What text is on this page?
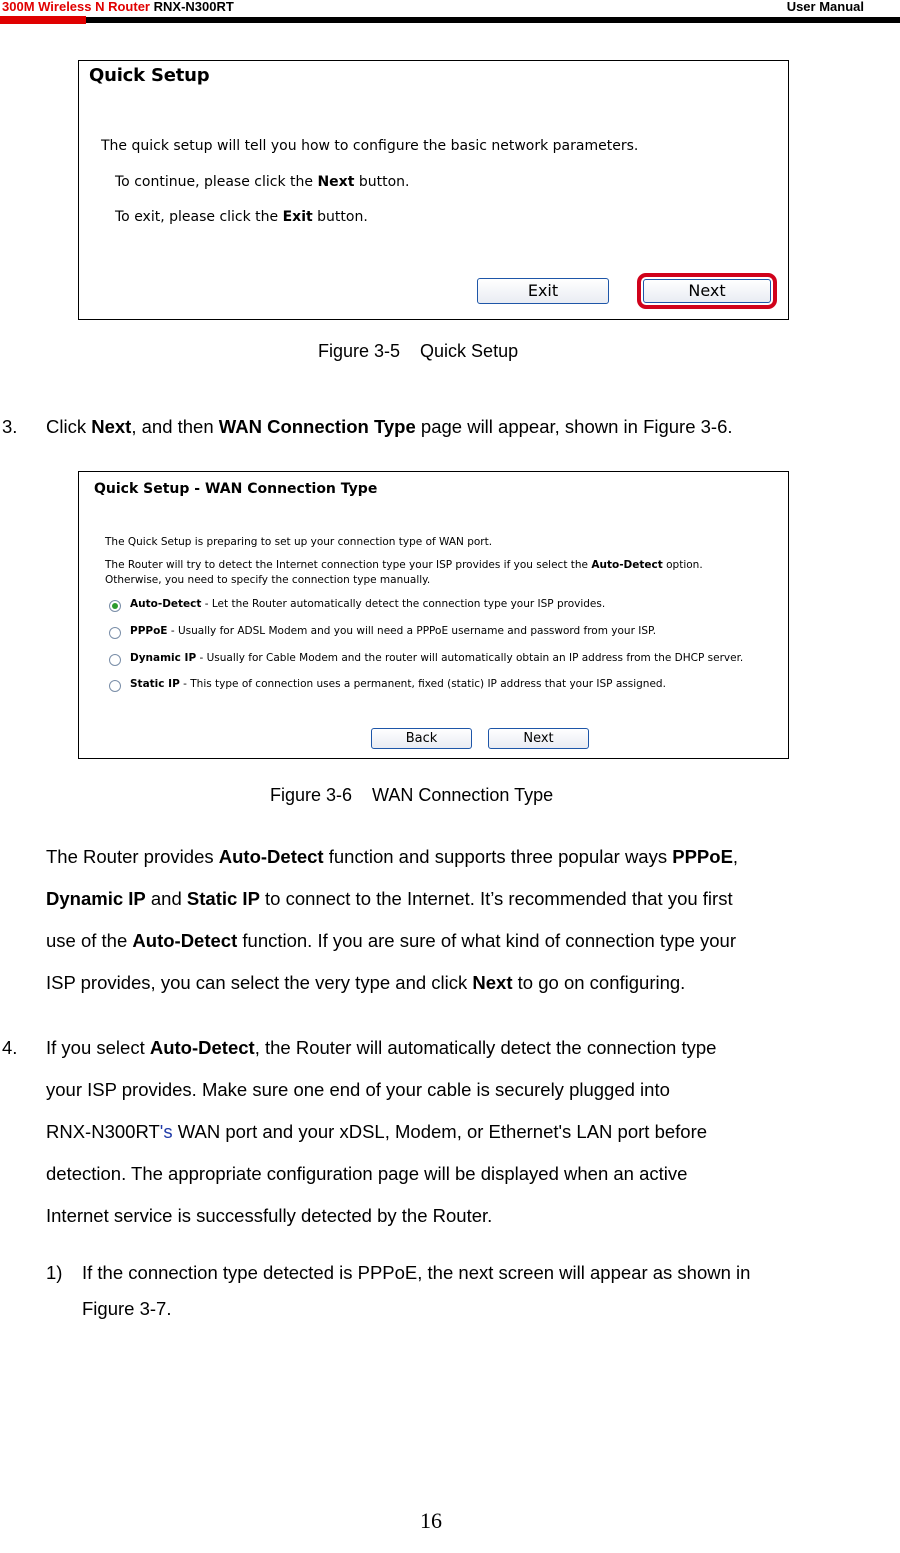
300M Wireless N Router RNX-N300RT	User Manual
Quick Setup
The quick setup will tell you how to configure the basic network parameters.
To continue, please click the Next button.
To exit, please click the Exit button.
Exit	Next
Figure 3-5    Quick Setup
3. Click Next, and then WAN Connection Type page will appear, shown in Figure 3-6.
Quick Setup - WAN Connection Type
The Quick Setup is preparing to set up your connection type of WAN port.
The Router will try to detect the Internet connection type your ISP provides if you select the Auto-Detect option.
Otherwise, you need to specify the connection type manually.
Auto-Detect - Let the Router automatically detect the connection type your ISP provides.
PPPoE - Usually for ADSL Modem and you will need a PPPoE username and password from your ISP.
Dynamic IP - Usually for Cable Modem and the router will automatically obtain an IP address from the DHCP server.
Static IP - This type of connection uses a permanent, fixed (static) IP address that your ISP assigned.
Back	Next
Figure 3-6    WAN Connection Type
The Router provides Auto-Detect function and supports three popular ways PPPoE,
Dynamic IP and Static IP to connect to the Internet. It’s recommended that you first
use of the Auto-Detect function. If you are sure of what kind of connection type your
ISP provides, you can select the very type and click Next to go on configuring.
4. If you select Auto-Detect, the Router will automatically detect the connection type
your ISP provides. Make sure one end of your cable is securely plugged into
RNX-N300RT's WAN port and your xDSL, Modem, or Ethernet's LAN port before
detection. The appropriate configuration page will be displayed when an active
Internet service is successfully detected by the Router.
1) If the connection type detected is PPPoE, the next screen will appear as shown in
Figure 3-7.
16
